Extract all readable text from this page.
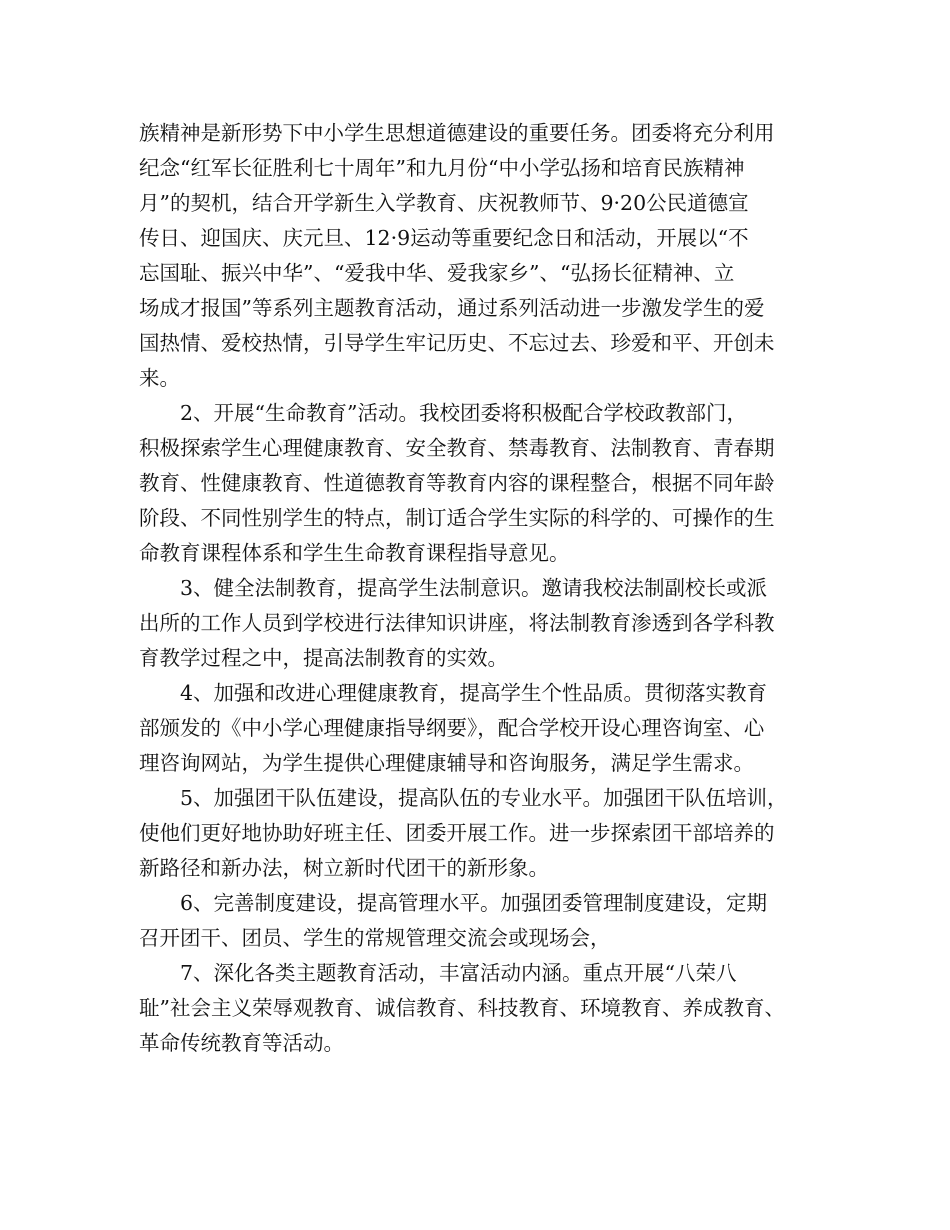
族精神是新形势下中小学生思想道德建设的重要任务。团委将充分利用
纪念“红军长征胜利七十周年”和九月份“中小学弘扬和培育民族精神
月”的契机，结合开学新生入学教育、庆祝教师节、9·20公民道德宣
传日、迎国庆、庆元旦、12·9运动等重要纪念日和活动，开展以“不
忘国耻、振兴中华”、“爱我中华、爱我家乡”、“弘扬长征精神、立
场成才报国”等系列主题教育活动，通过系列活动进一步激发学生的爱
国热情、爱校热情，引导学生牢记历史、不忘过去、珍爱和平、开创未
来。
2、开展“生命教育”活动。我校团委将积极配合学校政教部门，
积极探索学生心理健康教育、安全教育、禁毒教育、法制教育、青春期
教育、性健康教育、性道德教育等教育内容的课程整合，根据不同年龄
阶段、不同性别学生的特点，制订适合学生实际的科学的、可操作的生
命教育课程体系和学生生命教育课程指导意见。
3、健全法制教育，提高学生法制意识。邀请我校法制副校长或派
出所的工作人员到学校进行法律知识讲座，将法制教育渗透到各学科教
育教学过程之中，提高法制教育的实效。
4、加强和改进心理健康教育，提高学生个性品质。贯彻落实教育
部颁发的《中小学心理健康指导纲要》，配合学校开设心理咨询室、心
理咨询网站，为学生提供心理健康辅导和咨询服务，满足学生需求。
5、加强团干队伍建设，提高队伍的专业水平。加强团干队伍培训，
使他们更好地协助好班主任、团委开展工作。进一步探索团干部培养的
新路径和新办法，树立新时代团干的新形象。
6、完善制度建设，提高管理水平。加强团委管理制度建设，定期
召开团干、团员、学生的常规管理交流会或现场会，
7、深化各类主题教育活动，丰富活动内涵。重点开展“八荣八
耻”社会主义荣辱观教育、诚信教育、科技教育、环境教育、养成教育、
革命传统教育等活动。
